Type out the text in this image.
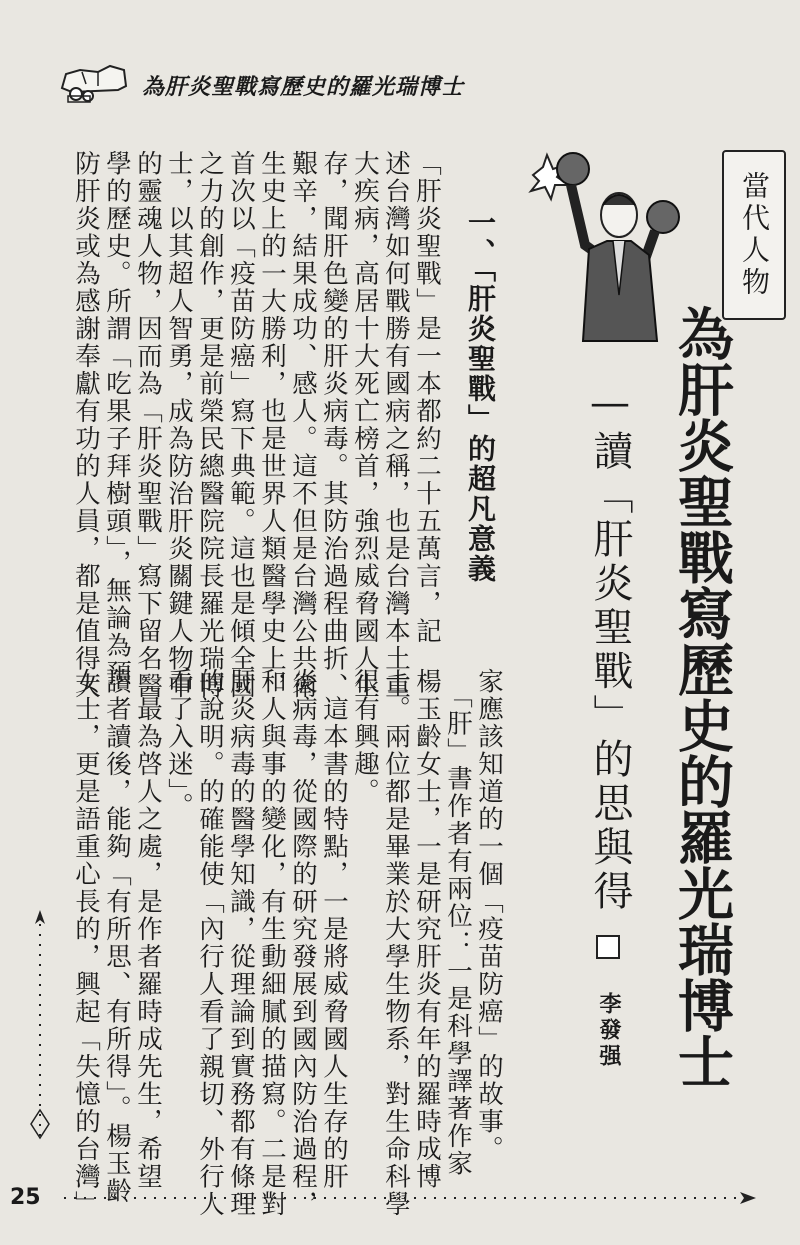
為肝炎聖戰寫歷史的羅光瑞博士
當代人物
為肝炎聖戰寫歷史的羅光瑞博士
—讀「肝炎聖戰」的思與得
李發强
一、「肝炎聖戰」的超凡意義
「肝炎聖戰」是一本都約二十五萬言，記
述台灣如何戰勝有國病之稱，也是台灣本土重
大疾病，高居十大死亡榜首，強烈威脅國人生
存，聞肝色變的肝炎病毒。其防治過程曲折、
艱辛，結果成功、感人。這不但是台灣公共衛
生史上的一大勝利，也是世界人類醫學史上，
首次以「疫苗防癌」寫下典範。這也是傾全國
之力的創作，更是前榮民總醫院院長羅光瑞博
士，以其超人智勇，成為防治肝炎關鍵人物中
的靈魂人物，因而為「肝炎聖戰」寫下留名醫
學的歷史。所謂「吃果子拜樹頭」，無論為預
防肝炎或為感謝奉獻有功的人員，都是值得大
家應該知道的一個「疫苗防癌」的故事。
　「肝」書作者有兩位：一是科學譯著作家
楊玉齡女士，一是研究肝炎有年的羅時成博
士。兩位都是畢業於大學生物系，對生命科學
很有興趣。
　這本書的特點，一是將威脅國人生存的肝
炎病毒，從國際的研究發展到國內防治過程，
和人與事的變化，有生動細膩的描寫。二是對
肝炎病毒的醫學知識，從理論到實務都有條理
的說明。的確能使「內行人看了親切、外行人
看了入迷」。
　最為啓人之處，是作者羅時成先生，希望
讀者讀後，能夠「有所思、有所得」。楊玉齡
女士，更是語重心長的，興起「失憶的台灣」
25
